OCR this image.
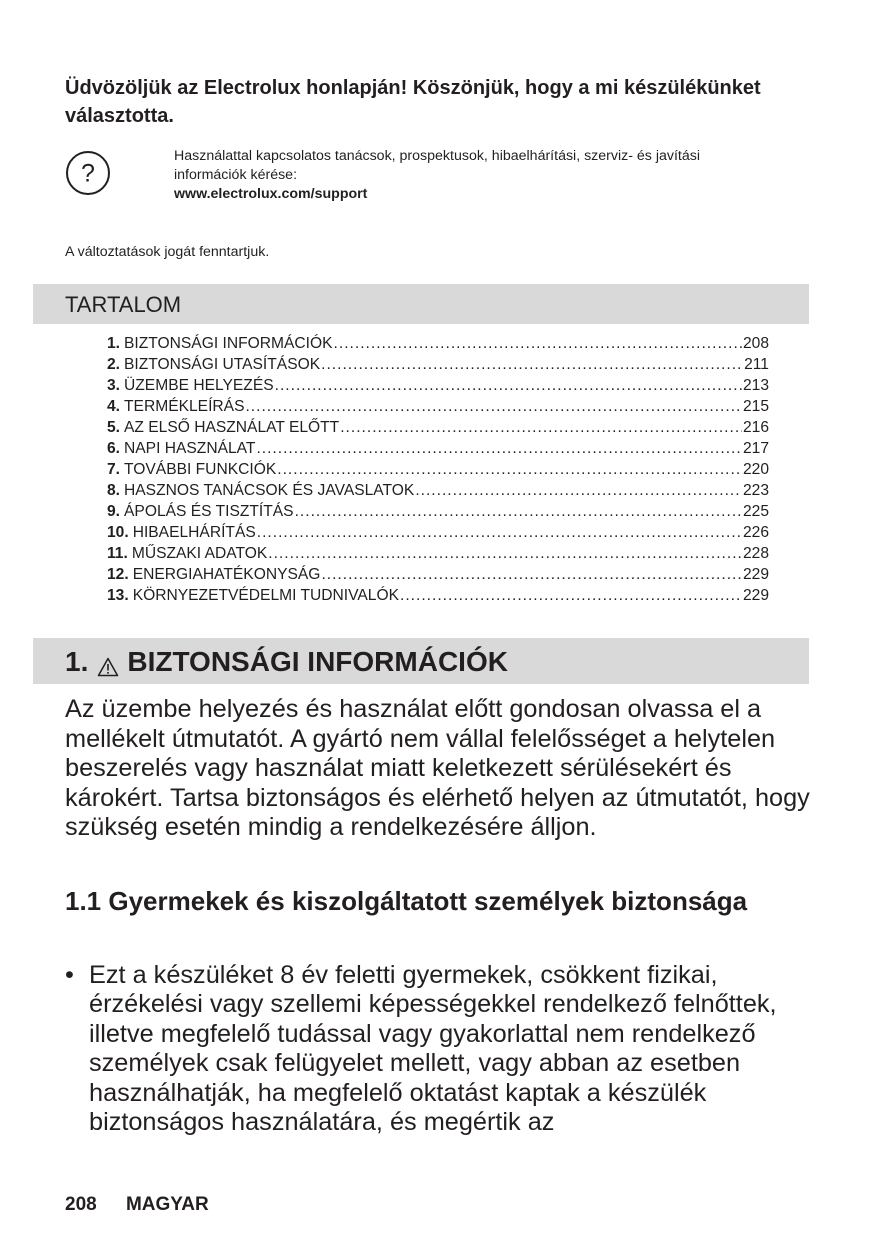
Üdvözöljük az Electrolux honlapján! Köszönjük, hogy a mi készülékünket választotta.

?
Használattal kapcsolatos tanácsok, prospektusok, hibaelhárítási, szerviz- és javítási
információk kérése:
www.electrolux.com/support
A változtatások jogát fenntartjuk.
TARTALOM
1. BIZTONSÁGI INFORMÁCIÓK .....	208
2. BIZTONSÁGI UTASÍTÁSOK .....	211
3. ÜZEMBE HELYEZÉS .....	213
4. TERMÉKLEÍRÁS .....	215
5. AZ ELSŐ HASZNÁLAT ELŐTT .....	216
6. NAPI HASZNÁLAT .....	217
7. TOVÁBBI FUNKCIÓK .....	220
8. HASZNOS TANÁCSOK ÉS JAVASLATOK .....	223
9. ÁPOLÁS ÉS TISZTÍTÁS .....	225
10. HIBAELHÁRÍTÁS .....	226
11. MŰSZAKI ADATOK .....	228
12. ENERGIAHATÉKONYSÁG .....	229
13. KÖRNYEZETVÉDELMI TUDNIVALÓK .....	229
1. BIZTONSÁGI INFORMÁCIÓK

Az üzembe helyezés és használat előtt gondosan olvassa el a mellékelt útmutatót. A gyártó nem vállal felelősséget a helytelen beszerelés vagy használat miatt keletkezett sérülésekért és károkért. Tartsa biztonságos és elérhető helyen az útmutatót, hogy szükség esetén mindig a rendelkezésére álljon.

1.1 Gyermekek és kiszolgáltatott személyek biztonsága
• Ezt a készüléket 8 év feletti gyermekek, csökkent fizikai, érzékelési vagy szellemi képességekkel rendelkező felnőttek, illetve megfelelő tudással vagy gyakorlattal nem rendelkező személyek csak felügyelet mellett, vagy abban az esetben használhatják, ha megfelelő oktatást kaptak a készülék biztonságos használatára, és megértik az
208 MAGYAR
